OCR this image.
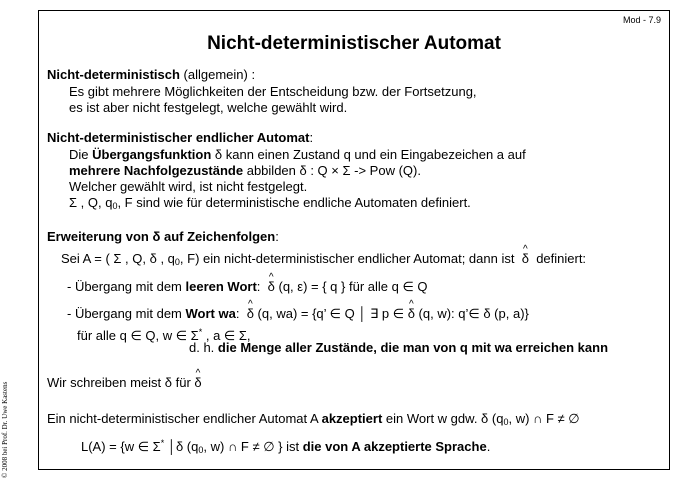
© 2008 bei Prof. Dr. Uwe Kastens
Mod - 7.9
Nicht-deterministischer Automat
Nicht-deterministisch (allgemein) :
Es gibt mehrere Möglichkeiten der Entscheidung bzw. der Fortsetzung,
es ist aber nicht festgelegt, welche gewählt wird.
Nicht-deterministischer endlicher Automat:
Die Übergangsfunktion δ kann einen Zustand q und ein Eingabezeichen a auf
mehrere Nachfolgezustände abbilden δ : Q × Σ -> Pow (Q).
Welcher gewählt wird, ist nicht festgelegt.
Σ , Q, $q_0$, F sind wie für deterministische endliche Automaten definiert.
Erweiterung von δ auf Zeichenfolgen:
Sei A = ( Σ , Q, δ , $q_0$, F) ein nicht-deterministischer endlicher Automat; dann ist ^ δ definiert:
- Übergang mit dem leeren Wort: ^ δ (q, ε) = { q } für alle q ∈ Q
- Übergang mit dem Wort wa: ^ δ (q, wa) = {q’ ∈ Q │ ∃ p ∈ ^ δ (q, w): q’∈ δ (p, a)}
für alle q ∈ Q, w ∈ Σ* , a ∈ Σ,
d. h. die Menge aller Zustände, die man von q mit wa erreichen kann
Wir schreiben meist δ für ^ δ
Ein nicht-deterministischer endlicher Automat A akzeptiert ein Wort w gdw. δ ($q_0$, w) ∩ F ≠ ∅
L(A) = {w ∈ Σ* │δ ($q_0$, w) ∩ F ≠ ∅ } ist die von A akzeptierte Sprache.
